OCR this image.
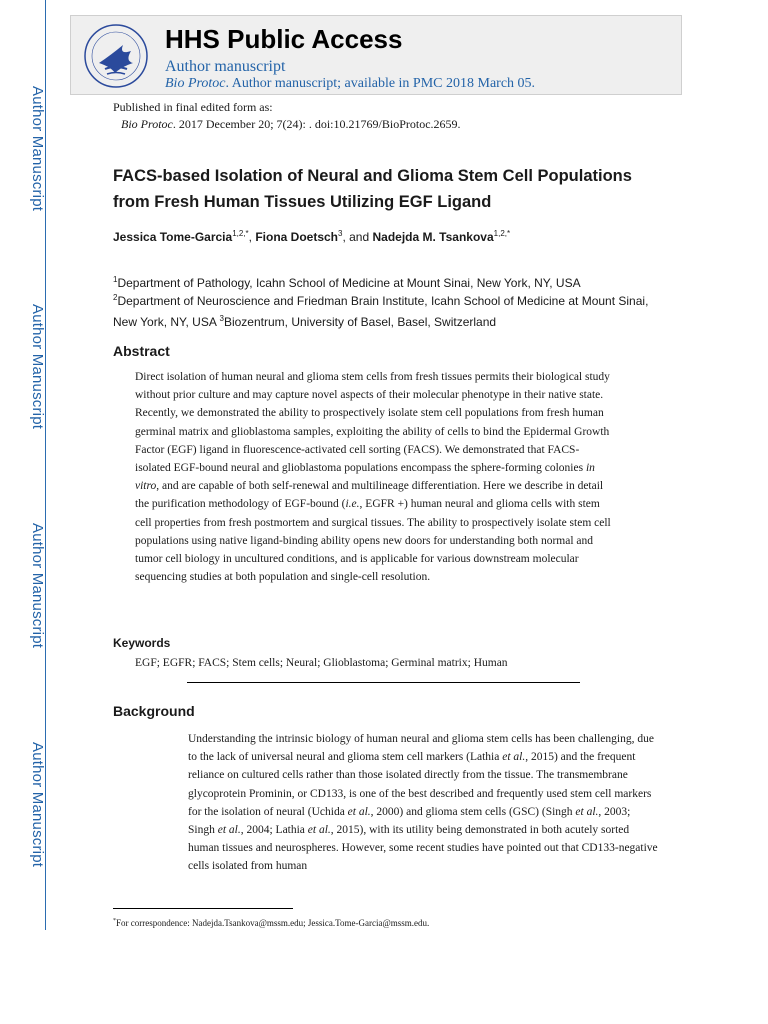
Author Manuscript
Author Manuscript
Author Manuscript
Author Manuscript
HHS Public Access
Author manuscript
Bio Protoc. Author manuscript; available in PMC 2018 March 05.
Published in final edited form as:
Bio Protoc. 2017 December 20; 7(24): . doi:10.21769/BioProtoc.2659.
FACS-based Isolation of Neural and Glioma Stem Cell Populations from Fresh Human Tissues Utilizing EGF Ligand
Jessica Tome-Garcia$^{1,2,*}$, Fiona Doetsch$^3$, and Nadejda M. Tsankova$^{1,2,*}$
$^1$Department of Pathology, Icahn School of Medicine at Mount Sinai, New York, NY, USA
$^2$Department of Neuroscience and Friedman Brain Institute, Icahn School of Medicine at Mount Sinai, New York, NY, USA $^3$Biozentrum, University of Basel, Basel, Switzerland
Abstract
Direct isolation of human neural and glioma stem cells from fresh tissues permits their biological study without prior culture and may capture novel aspects of their molecular phenotype in their native state. Recently, we demonstrated the ability to prospectively isolate stem cell populations from fresh human germinal matrix and glioblastoma samples, exploiting the ability of cells to bind the Epidermal Growth Factor (EGF) ligand in fluorescence-activated cell sorting (FACS). We demonstrated that FACS-isolated EGF-bound neural and glioblastoma populations encompass the sphere-forming colonies in vitro, and are capable of both self-renewal and multilineage differentiation. Here we describe in detail the purification methodology of EGF-bound (i.e., EGFR +) human neural and glioma cells with stem cell properties from fresh postmortem and surgical tissues. The ability to prospectively isolate stem cell populations using native ligand-binding ability opens new doors for understanding both normal and tumor cell biology in uncultured conditions, and is applicable for various downstream molecular sequencing studies at both population and single-cell resolution.
Keywords
EGF; EGFR; FACS; Stem cells; Neural; Glioblastoma; Germinal matrix; Human
Background
Understanding the intrinsic biology of human neural and glioma stem cells has been challenging, due to the lack of universal neural and glioma stem cell markers (Lathia et al., 2015) and the frequent reliance on cultured cells rather than those isolated directly from the tissue. The transmembrane glycoprotein Prominin, or CD133, is one of the best described and frequently used stem cell markers for the isolation of neural (Uchida et al., 2000) and glioma stem cells (GSC) (Singh et al., 2003; Singh et al., 2004; Lathia et al., 2015), with its utility being demonstrated in both acutely sorted human tissues and neurospheres. However, some recent studies have pointed out that CD133-negative cells isolated from human
*For correspondence: Nadejda.Tsankova@mssm.edu; Jessica.Tome-Garcia@mssm.edu.
